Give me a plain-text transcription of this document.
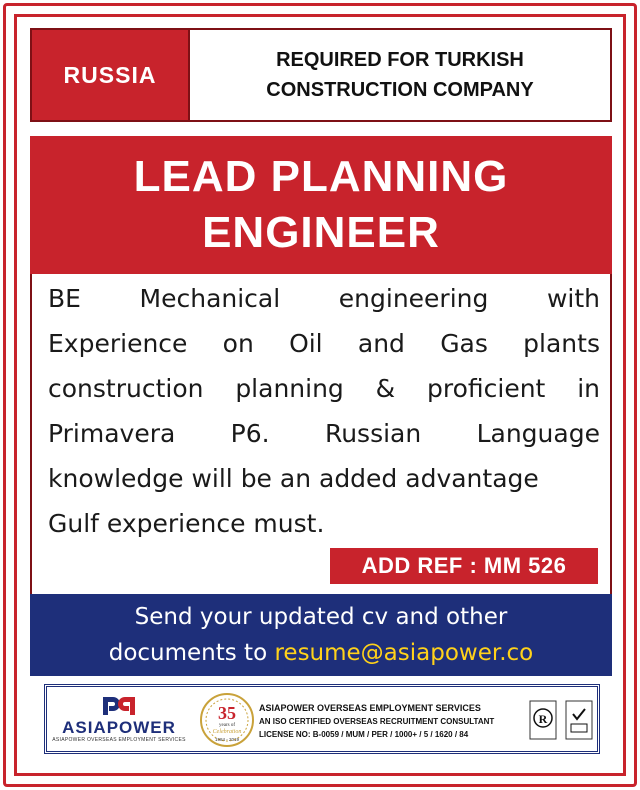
RUSSIA
REQUIRED FOR TURKISH
CONSTRUCTION COMPANY
LEAD PLANNING
ENGINEER
BE Mechanical engineering with
Experience on Oil and Gas plants
construction planning & proficient in
Primavera P6. Russian Language
knowledge will be an added advantage
Gulf experience must.
ADD REF : MM 526
Send your updated cv and other
documents to resume@asiapower.co
ASIAPOWER
ASIAPOWER OVERSEAS EMPLOYMENT SERVICES
35
years of
Celebration
1984 - 2019
ASIAPOWER OVERSEAS EMPLOYMENT SERVICES
AN ISO CERTIFIED OVERSEAS RECRUITMENT CONSULTANT
LICENSE NO: B-0059 / MUM / PER / 1000+ / 5 / 1620 / 84
R
